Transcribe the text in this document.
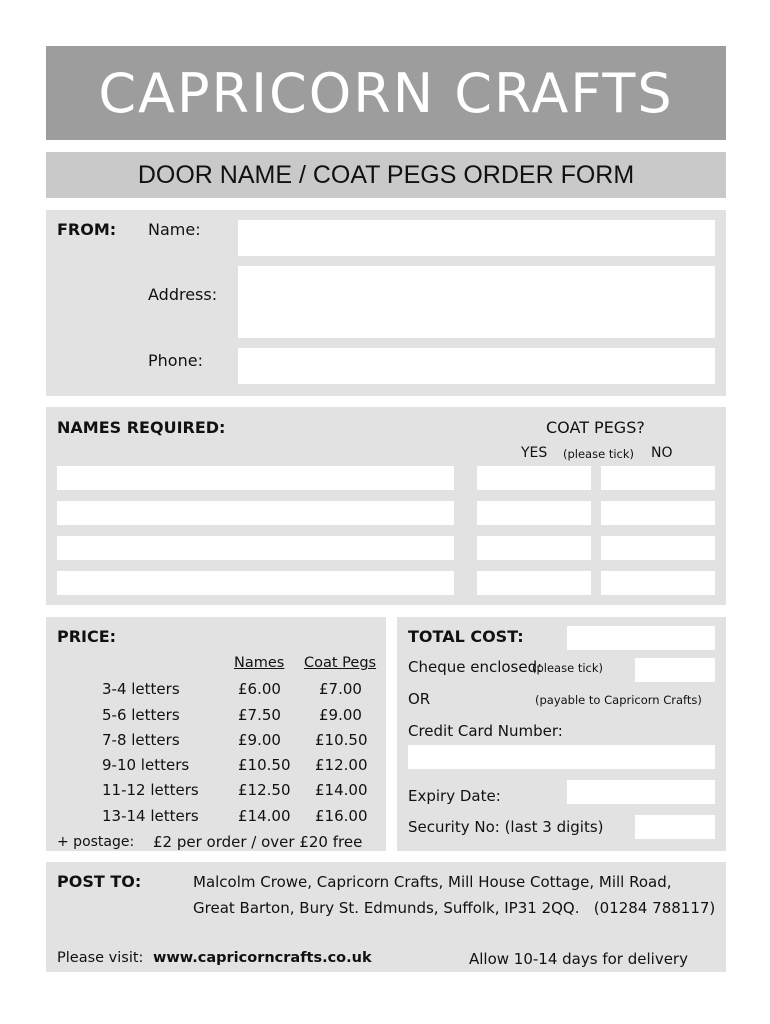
CAPRICORN CRAFTS
DOOR NAME / COAT PEGS ORDER FORM
FROM: Name:
Address:
Phone:
NAMES REQUIRED:	COAT PEGS?
YES (please tick) NO
PRICE:
Names Coat Pegs
3-4 letters	£6.00	£7.00
5-6 letters	£7.50	£9.00
7-8 letters	£9.00 £10.50
9-10 letters	£10.50 £12.00
11-12 letters	£12.50 £14.00
13-14 letters	£14.00 £16.00
+ postage: £2 per order / over £20 free
TOTAL COST:
Cheque enclosed:
(please tick)
OR	(payable to Capricorn Crafts)
Credit Card Number:
Expiry Date:
Security No: (last 3 digits)
POST TO:	Malcolm Crowe, Capricorn Crafts, Mill House Cottage, Mill Road,
Great Barton, Bury St. Edmunds, Suffolk, IP31 2QQ.   (01284 788117)
Please visit: www.capricorncrafts.co.uk	Allow 10-14 days for delivery
